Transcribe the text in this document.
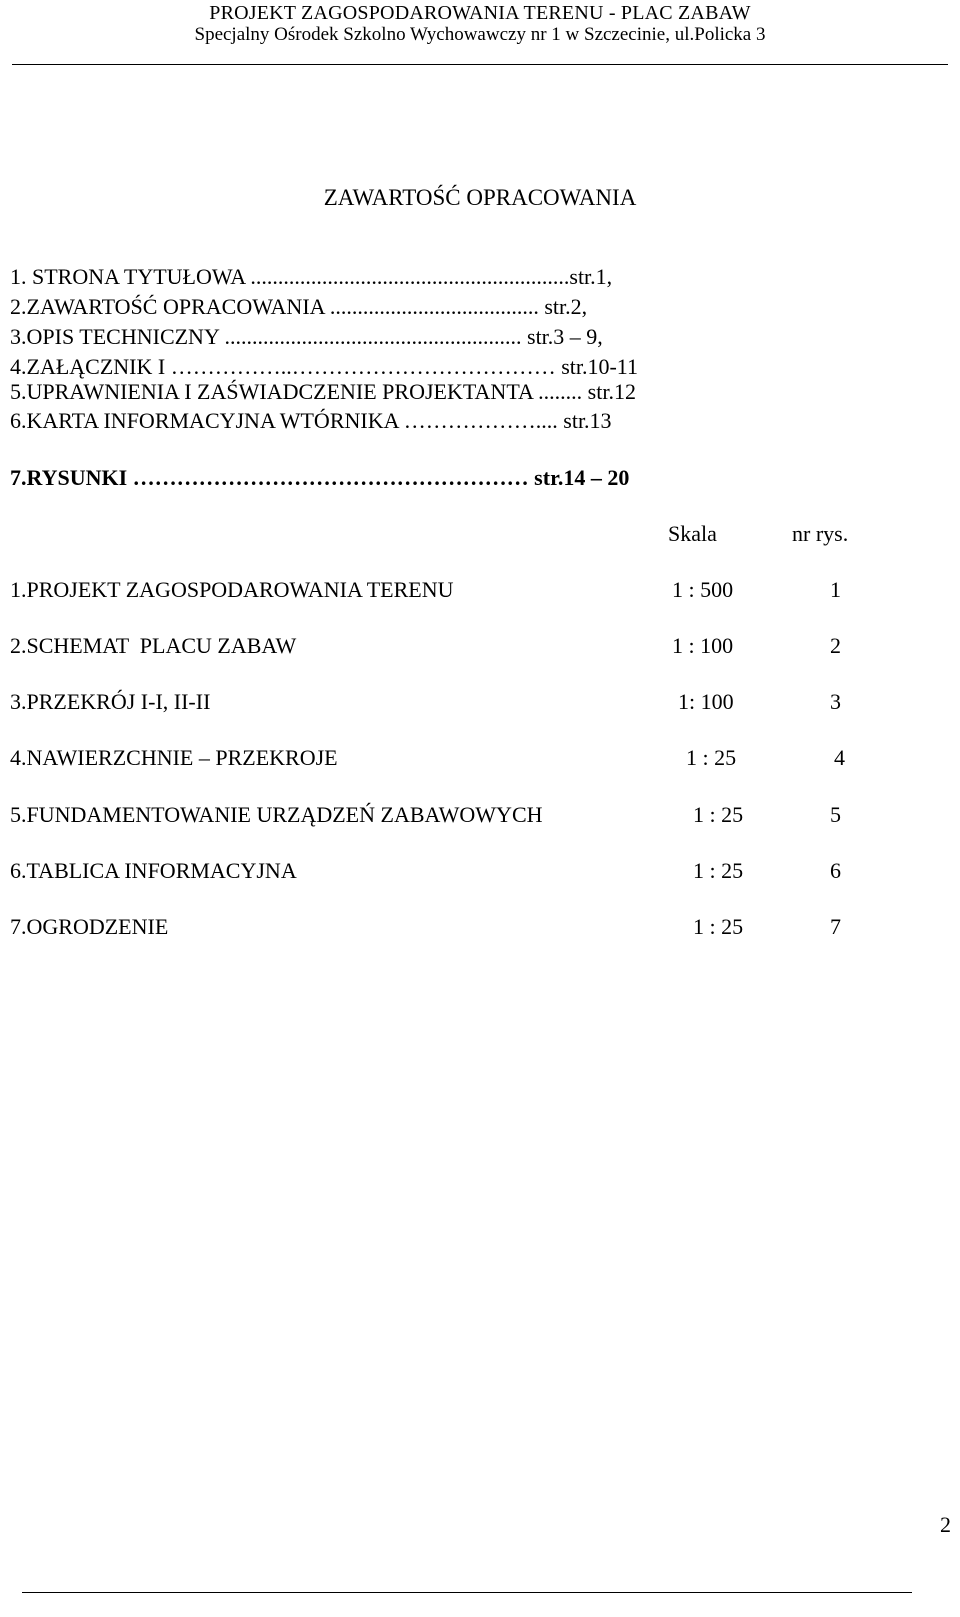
PROJEKT ZAGOSPODAROWANIA TERENU - PLAC ZABAW
Specjalny Ośrodek Szkolno Wychowawczy nr 1 w Szczecinie, ul.Policka 3
ZAWARTOŚĆ OPRACOWANIA
1. STRONA TYTUŁOWA ..........................................................str.1,
2.ZAWARTOŚĆ OPRACOWANIA ...................................... str.2,
3.OPIS TECHNICZNY ...................................................... str.3 – 9,
4.ZAŁĄCZNIK I ……………..……………………………… str.10-11
5.UPRAWNIENIA I ZAŚWIADCZENIE PROJEKTANTA ........ str.12
6.KARTA INFORMACYJNA WTÓRNIKA ……………….... str.13
7.RYSUNKI ……………………………………………… str.14 – 20
Skala	nr rys.
1.PROJEKT ZAGOSPODAROWANIA TERENU	1 : 500	1
2.SCHEMAT  PLACU ZABAW	1 : 100	2
3.PRZEKRÓJ I-I, II-II	1: 100	3
4.NAWIERZCHNIE – PRZEKROJE	1 : 25	4
5.FUNDAMENTOWANIE URZĄDZEŃ ZABAWOWYCH	1 : 25	5
6.TABLICA INFORMACYJNA	1 : 25	6
7.OGRODZENIE	1 : 25	7
2
